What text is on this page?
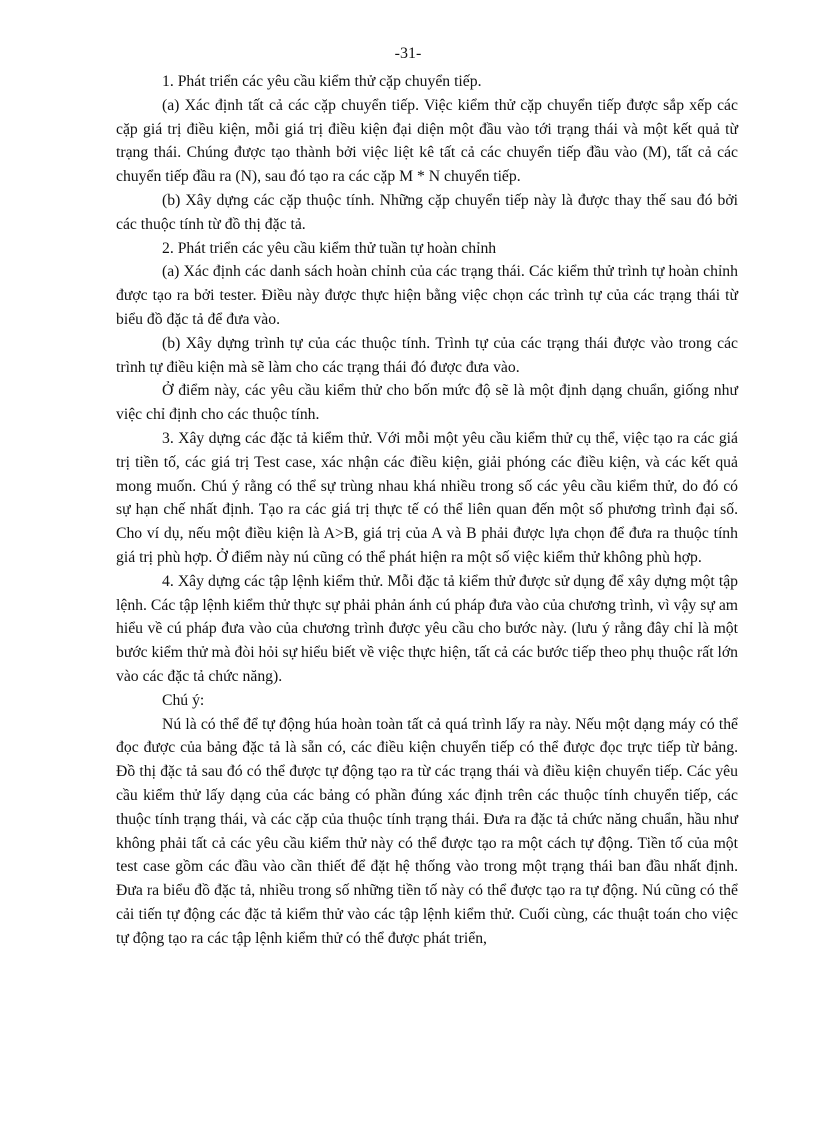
-31-

1. Phát triển các yêu cầu kiểm thử cặp chuyển tiếp.

(a) Xác định tất cả các cặp chuyển tiếp. Việc kiểm thử cặp chuyển tiếp được sắp xếp các cặp giá trị điều kiện, mỗi giá trị điều kiện đại diện một đầu vào tới trạng thái và một kết quả từ trạng thái. Chúng được tạo thành bởi việc liệt kê tất cả các chuyển tiếp đầu vào (M), tất cả các chuyển tiếp đầu ra (N), sau đó tạo ra các cặp M * N chuyển tiếp.

(b) Xây dựng các cặp thuộc tính. Những cặp chuyển tiếp này là được thay thế sau đó bởi các thuộc tính từ đồ thị đặc tả.

2. Phát triển các yêu cầu kiểm thử tuần tự hoàn chỉnh

(a) Xác định các danh sách hoàn chỉnh của các trạng thái. Các kiểm thử trình tự hoàn chỉnh được tạo ra bởi tester. Điều này được thực hiện bằng việc chọn các trình tự của các trạng thái từ biểu đồ đặc tả để đưa vào.

(b) Xây dựng trình tự của các thuộc tính. Trình tự của các trạng thái được vào trong các trình tự điều kiện mà sẽ làm cho các trạng thái đó được đưa vào.

Ở điểm này, các yêu cầu kiểm thử cho bốn mức độ sẽ là một định dạng chuẩn, giống như việc chỉ định cho các thuộc tính.

3. Xây dựng các đặc tả kiểm thử. Với mỗi một yêu cầu kiểm thử cụ thể, việc tạo ra các giá trị tiền tố, các giá trị Test case, xác nhận các điều kiện, giải phóng các điều kiện, và các kết quả mong muốn. Chú ý rằng có thể sự trùng nhau khá nhiều trong số các yêu cầu kiểm thử, do đó có sự hạn chế nhất định. Tạo ra các giá trị thực tế có thể liên quan đến một số phương trình đại số. Cho ví dụ, nếu một điều kiện là A>B, giá trị của A và B phải được lựa chọn để đưa ra thuộc tính giá trị phù hợp. Ở điểm này nú cũng có thể phát hiện ra một số việc kiểm thử không phù hợp.

4. Xây dựng các tập lệnh kiểm thử. Mỗi đặc tả kiểm thử được sử dụng để xây dựng một tập lệnh. Các tập lệnh kiểm thử thực sự phải phản ánh cú pháp đưa vào của chương trình, vì vậy sự am hiểu về cú pháp đưa vào của chương trình được yêu cầu cho bước này. (lưu ý rằng đây chỉ là một bước kiểm thử mà đòi hỏi sự hiểu biết về việc thực hiện, tất cả các bước tiếp theo phụ thuộc rất lớn vào các đặc tả chức năng).

Chú ý:

Nú là có thể để tự động húa hoàn toàn tất cả quá trình lấy ra này. Nếu một dạng máy có thể đọc được của bảng đặc tả là sẵn có, các điều kiện chuyển tiếp có thể được đọc trực tiếp từ bảng. Đồ thị đặc tả sau đó có thể được tự động tạo ra từ các trạng thái và điều kiện chuyển tiếp. Các yêu cầu kiểm thử lấy dạng của các bảng có phần đúng xác định trên các thuộc tính chuyển tiếp, các thuộc tính trạng thái, và các cặp của thuộc tính trạng thái. Đưa ra đặc tả chức năng chuẩn, hầu như không phải tất cả các yêu cầu kiểm thử này có thể được tạo ra một cách tự động. Tiền tố của một test case gồm các đầu vào cần thiết để đặt hệ thống vào trong một trạng thái ban đầu nhất định. Đưa ra biểu đồ đặc tả, nhiều trong số những tiền tố này có thể được tạo ra tự động. Nú cũng có thể cải tiến tự động các đặc tả kiểm thử vào các tập lệnh kiểm thử. Cuối cùng, các thuật toán cho việc tự động tạo ra các tập lệnh kiểm thử có thể được phát triển,
